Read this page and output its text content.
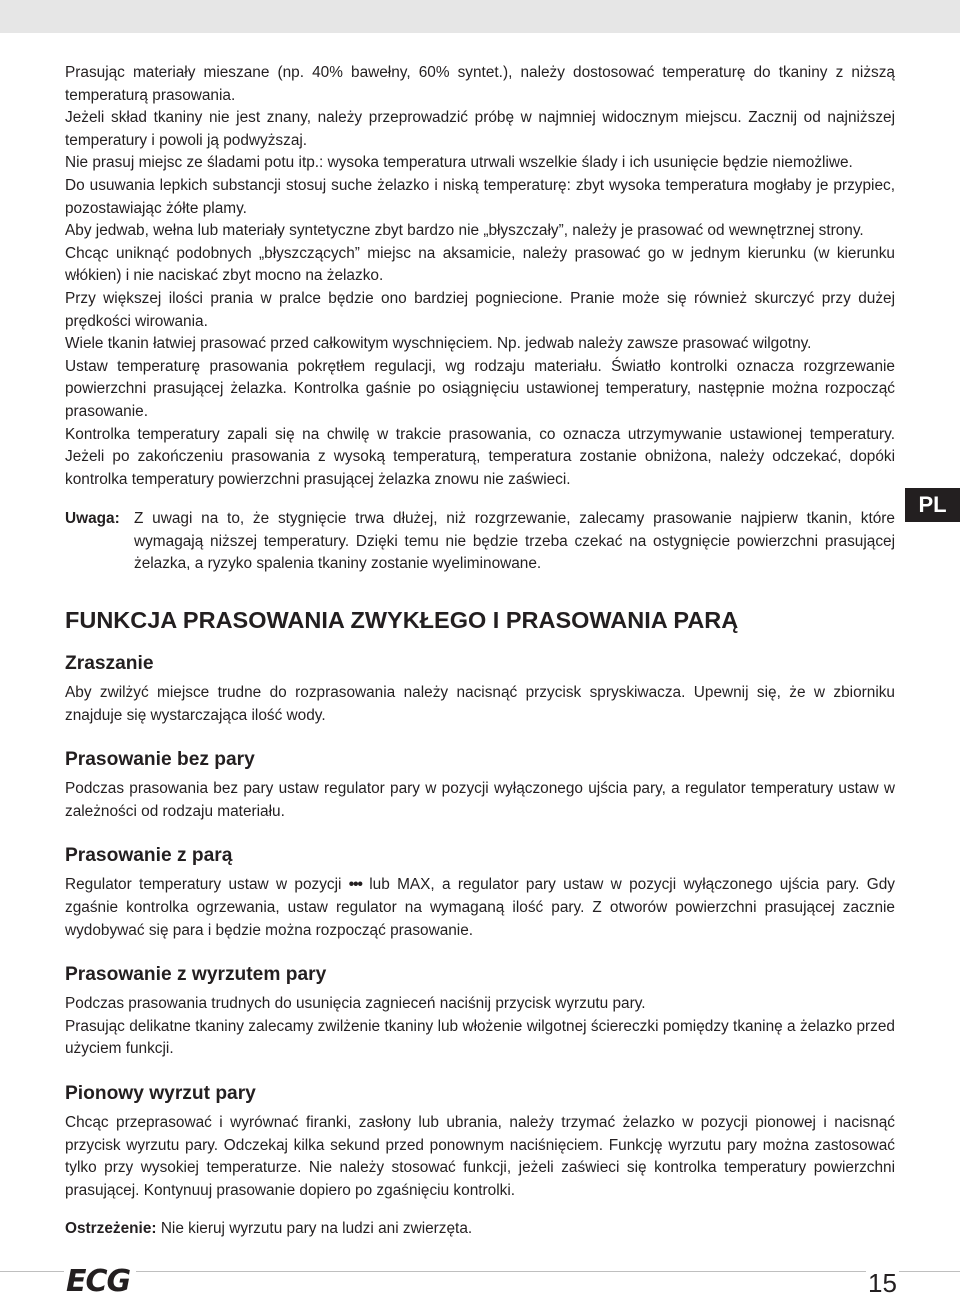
Prasując materiały mieszane (np. 40% bawełny, 60% syntet.), należy dostosować temperaturę do tkaniny z niższą temperaturą prasowania.

Jeżeli skład tkaniny nie jest znany, należy przeprowadzić próbę w najmniej widocznym miejscu. Zacznij od najniższej temperatury i powoli ją podwyższaj.

Nie prasuj miejsc ze śladami potu itp.: wysoka temperatura utrwali wszelkie ślady i ich usunięcie będzie niemożliwe.

Do usuwania lepkich substancji stosuj suche żelazko i niską temperaturę: zbyt wysoka temperatura mogłaby je przypiec, pozostawiając żółte plamy.

Aby jedwab, wełna lub materiały syntetyczne zbyt bardzo nie „błyszczały”, należy je prasować od wewnętrznej strony.

Chcąc uniknąć podobnych „błyszczących” miejsc na aksamicie, należy prasować go w jednym kierunku (w kierunku włókien) i nie naciskać zbyt mocno na żelazko.

Przy większej ilości prania w pralce będzie ono bardziej pogniecione. Pranie może się również skurczyć przy dużej prędkości wirowania.

Wiele tkanin łatwiej prasować przed całkowitym wyschnięciem. Np. jedwab należy zawsze prasować wilgotny.

Ustaw temperaturę prasowania pokrętłem regulacji, wg rodzaju materiału. Światło kontrolki oznacza rozgrzewanie powierzchni prasującej żelazka. Kontrolka gaśnie po osiągnięciu ustawionej temperatury, następnie można rozpocząć prasowanie.

Kontrolka temperatury zapali się na chwilę w trakcie prasowania, co oznacza utrzymywanie ustawionej temperatury. Jeżeli po zakończeniu prasowania z wysoką temperaturą, temperatura zostanie obniżona, należy odczekać, dopóki kontrolka temperatury powierzchni prasującej żelazka znowu nie zaświeci.

Uwaga: Z uwagi na to, że stygnięcie trwa dłużej, niż rozgrzewanie, zalecamy prasowanie najpierw tkanin, które wymagają niższej temperatury. Dzięki temu nie będzie trzeba czekać na ostygnięcie powierzchni prasującej żelazka, a ryzyko spalenia tkaniny zostanie wyeliminowane.
FUNKCJA PRASOWANIA ZWYKŁEGO I PRASOWANIA PARĄ
Zraszanie

Aby zwilżyć miejsce trudne do rozprasowania należy nacisnąć przycisk spryskiwacza. Upewnij się, że w zbiorniku znajduje się wystarczająca ilość wody.

Prasowanie bez pary

Podczas prasowania bez pary ustaw regulator pary w pozycji wyłączonego ujścia pary, a regulator temperatury ustaw w zależności od rodzaju materiału.

Prasowanie z parą

Regulator temperatury ustaw w pozycji ••• lub MAX, a regulator pary ustaw w pozycji wyłączonego ujścia pary. Gdy zgaśnie kontrolka ogrzewania, ustaw regulator na wymaganą ilość pary. Z otworów powierzchni prasującej zacznie wydobywać się para i będzie można rozpocząć prasowanie.

Prasowanie z wyrzutem pary

Podczas prasowania trudnych do usunięcia zagnieceń naciśnij przycisk wyrzutu pary.

Prasując delikatne tkaniny zalecamy zwilżenie tkaniny lub włożenie wilgotnej ściereczki pomiędzy tkaninę a żelazko przed użyciem funkcji.

Pionowy wyrzut pary

Chcąc przeprasować i wyrównać firanki, zasłony lub ubrania, należy trzymać żelazko w pozycji pionowej i nacisnąć przycisk wyrzutu pary. Odczekaj kilka sekund przed ponownym naciśnięciem. Funkcję wyrzutu pary można zastosować tylko przy wysokiej temperaturze. Nie należy stosować funkcji, jeżeli zaświeci się kontrolka temperatury powierzchni prasującej. Kontynuuj prasowanie dopiero po zgaśnięciu kontrolki.

Ostrzeżenie: Nie kieruj wyrzutu pary na ludzi ani zwierzęta.
PL
ECG	15
